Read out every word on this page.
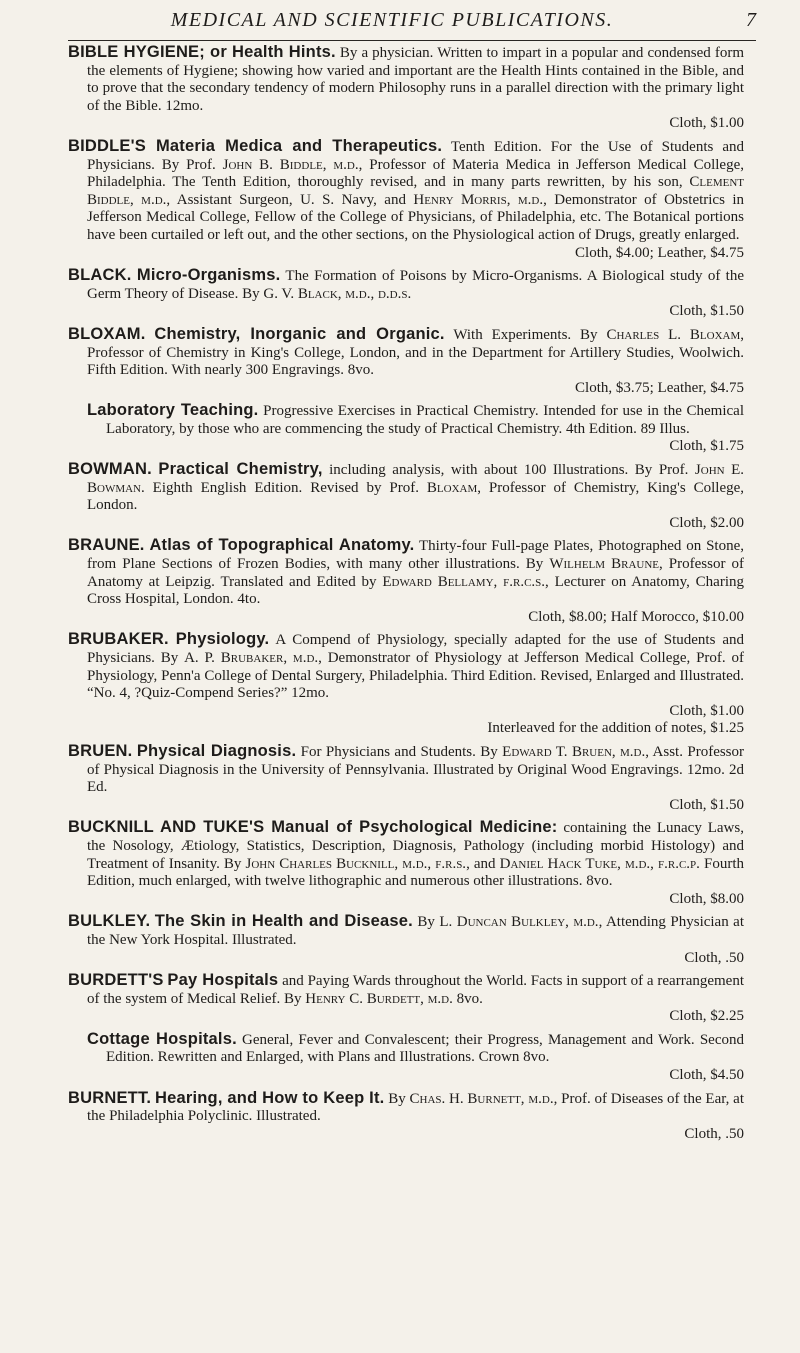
MEDICAL AND SCIENTIFIC PUBLICATIONS.	7

BIBLE HYGIENE; or Health Hints. By a physician. Written to impart in a popular and condensed form the elements of Hygiene; showing how varied and important are the Health Hints contained in the Bible, and to prove that the secondary tendency of modern Philosophy runs in a parallel direction with the primary light of the Bible. 12mo.
Cloth, $1.00

BIDDLE'S Materia Medica and Therapeutics. Tenth Edition. For the Use of Students and Physicians. By Prof. John B. Biddle, m.d., Professor of Materia Medica in Jefferson Medical College, Philadelphia. The Tenth Edition, thoroughly revised, and in many parts rewritten, by his son, Clement Biddle, m.d., Assistant Surgeon, U. S. Navy, and Henry Morris, m.d., Demonstrator of Obstetrics in Jefferson Medical College, Fellow of the College of Physicians, of Philadelphia, etc. The Botanical portions have been curtailed or left out, and the other sections, on the Physiological action of Drugs, greatly enlarged.
Cloth, $4.00; Leather, $4.75

BLACK. Micro-Organisms. The Formation of Poisons by Micro-Organisms. A Biological study of the Germ Theory of Disease. By G. V. Black, m.d., d.d.s.
Cloth, $1.50

BLOXAM. Chemistry, Inorganic and Organic. With Experiments. By Charles L. Bloxam, Professor of Chemistry in King's College, London, and in the Department for Artillery Studies, Woolwich. Fifth Edition. With nearly 300 Engravings. 8vo.
Cloth, $3.75; Leather, $4.75

Laboratory Teaching. Progressive Exercises in Practical Chemistry. Intended for use in the Chemical Laboratory, by those who are commencing the study of Practical Chemistry. 4th Edition. 89 Illus.
Cloth, $1.75

BOWMAN. Practical Chemistry, including analysis, with about 100 Illustrations. By Prof. John E. Bowman. Eighth English Edition. Revised by Prof. Bloxam, Professor of Chemistry, King's College, London.
Cloth, $2.00

BRAUNE. Atlas of Topographical Anatomy. Thirty-four Full-page Plates, Photographed on Stone, from Plane Sections of Frozen Bodies, with many other illustrations. By Wilhelm Braune, Professor of Anatomy at Leipzig. Translated and Edited by Edward Bellamy, f.r.c.s., Lecturer on Anatomy, Charing Cross Hospital, London. 4to.
Cloth, $8.00; Half Morocco, $10.00

BRUBAKER. Physiology. A Compend of Physiology, specially adapted for the use of Students and Physicians. By A. P. Brubaker, m.d., Demonstrator of Physiology at Jefferson Medical College, Prof. of Physiology, Penn'a College of Dental Surgery, Philadelphia. Third Edition. Revised, Enlarged and Illustrated. “No. 4, ?Quiz-Compend Series?” 12mo.
Cloth, $1.00
Interleaved for the addition of notes, $1.25

BRUEN. Physical Diagnosis. For Physicians and Students. By Edward T. Bruen, m.d., Asst. Professor of Physical Diagnosis in the University of Pennsylvania. Illustrated by Original Wood Engravings. 12mo. 2d Ed.
Cloth, $1.50

BUCKNILL AND TUKE'S Manual of Psychological Medicine: containing the Lunacy Laws, the Nosology, Ætiology, Statistics, Description, Diagnosis, Pathology (including morbid Histology) and Treatment of Insanity. By John Charles Bucknill, m.d., f.r.s., and Daniel Hack Tuke, m.d., f.r.c.p. Fourth Edition, much enlarged, with twelve lithographic and numerous other illustrations. 8vo.
Cloth, $8.00

BULKLEY. The Skin in Health and Disease. By L. Duncan Bulkley, m.d., Attending Physician at the New York Hospital. Illustrated.
Cloth, .50

BURDETT'S Pay Hospitals and Paying Wards throughout the World. Facts in support of a rearrangement of the system of Medical Relief. By Henry C. Burdett, m.d. 8vo.
Cloth, $2.25

Cottage Hospitals. General, Fever and Convalescent; their Progress, Management and Work. Second Edition. Rewritten and Enlarged, with Plans and Illustrations. Crown 8vo.
Cloth, $4.50

BURNETT. Hearing, and How to Keep It. By Chas. H. Burnett, m.d., Prof. of Diseases of the Ear, at the Philadelphia Polyclinic. Illustrated.
Cloth, .50
